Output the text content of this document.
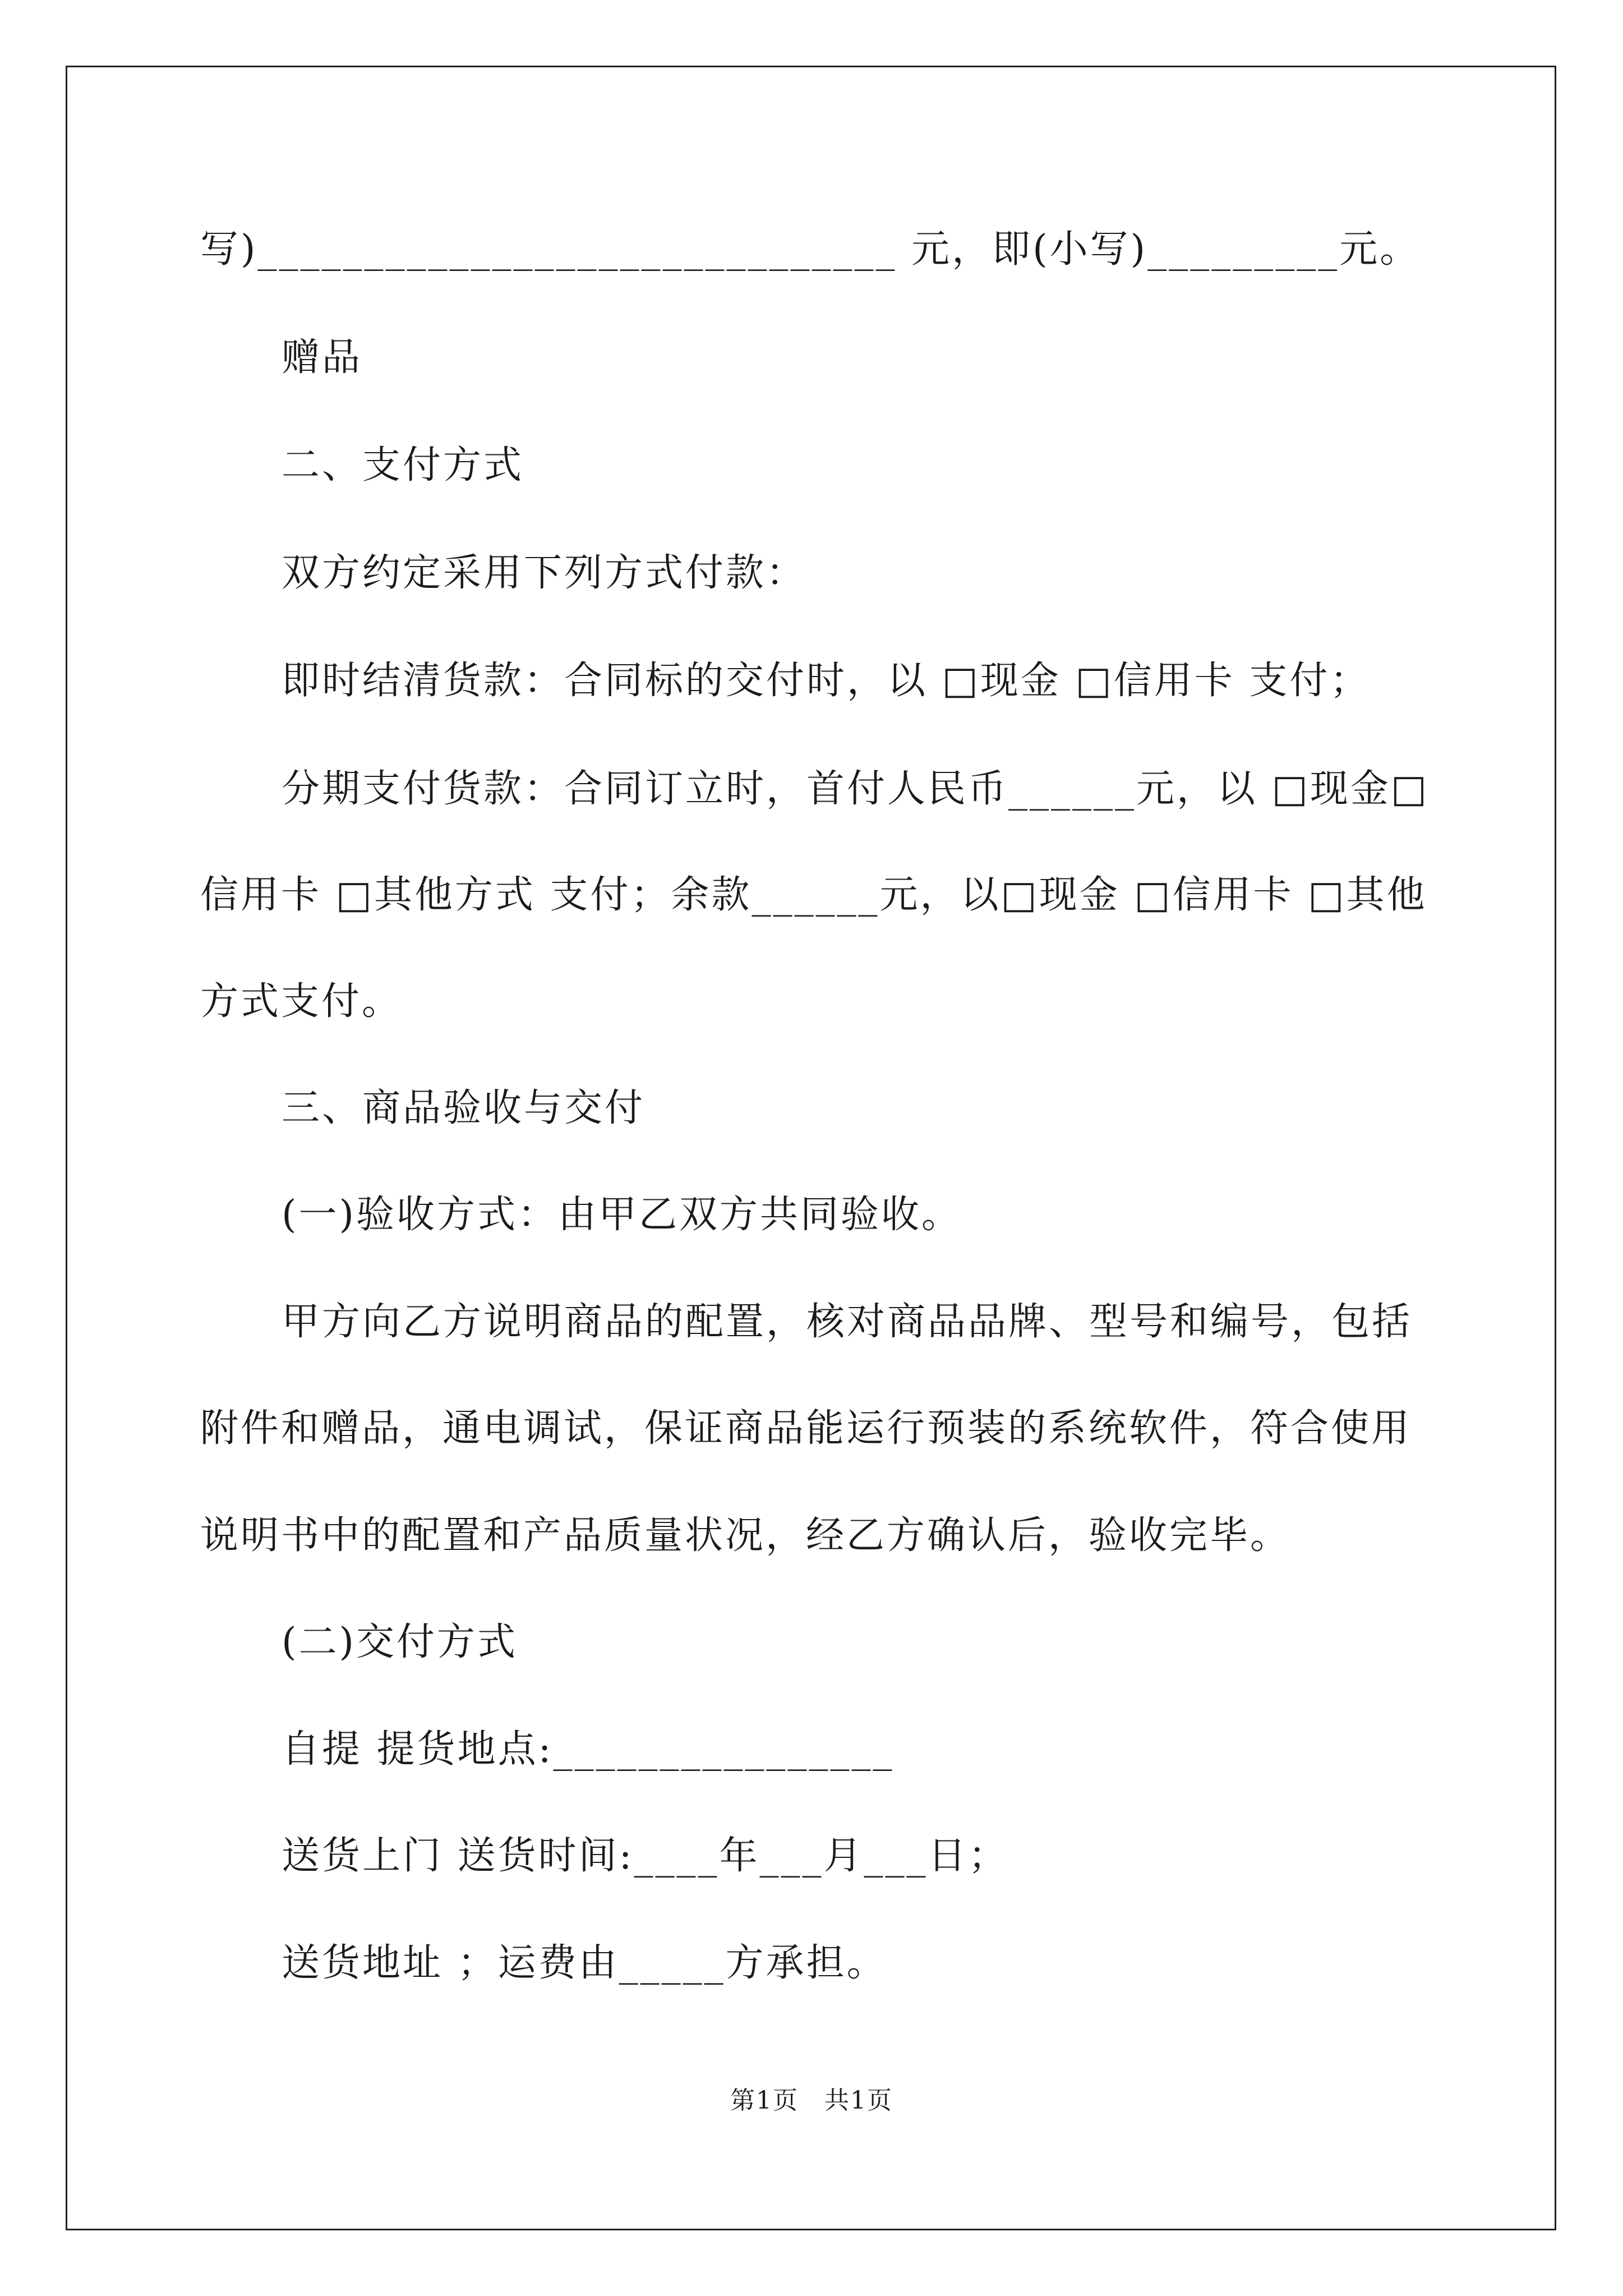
写)______________________________ 元，即(小写)_________元。
赠品
二、支付方式
双方约定采用下列方式付款：
即时结清货款：合同标的交付时，以 □现金 □信用卡 支付；
分期支付货款：合同订立时，首付人民币______元，以 □现金□
信用卡 □其他方式 支付；余款______元，以□现金 □信用卡 □其他
方式支付。
三、商品验收与交付
(一)验收方式：由甲乙双方共同验收。
甲方向乙方说明商品的配置，核对商品品牌、型号和编号，包括
附件和赠品，通电调试，保证商品能运行预装的系统软件，符合使用
说明书中的配置和产品质量状况，经乙方确认后，验收完毕。
(二)交付方式
自提 提货地点:________________
送货上门 送货时间:____年___月___日；
送货地址 ；运费由_____方承担。
第1页　共1页
